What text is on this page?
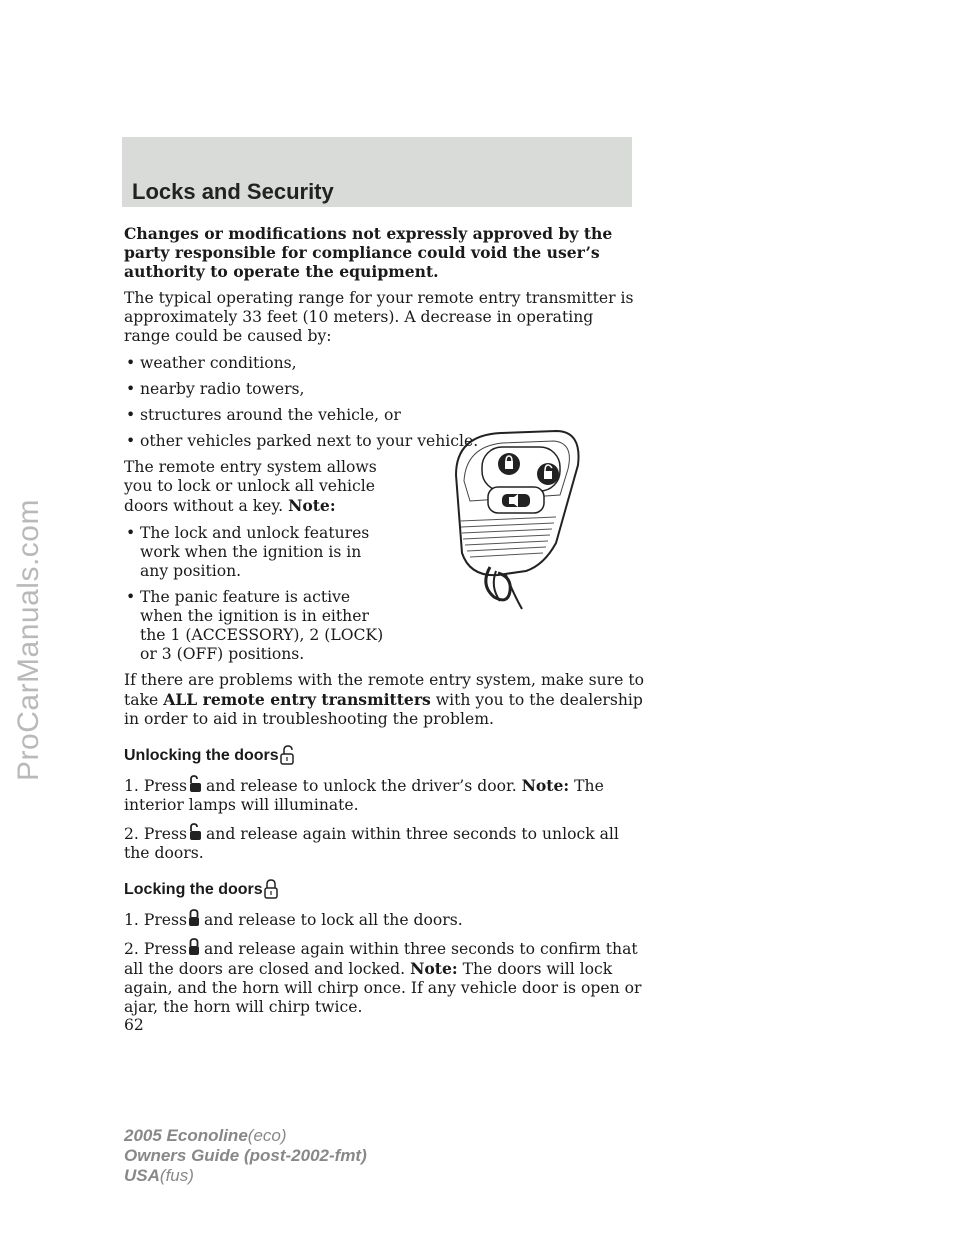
ProCarManuals.com
Locks and Security

Changes or modifications not expressly approved by the party responsible for compliance could void the user’s authority to operate the equipment.

The typical operating range for your remote entry transmitter is approximately 33 feet (10 meters). A decrease in operating range could be caused by:

• weather conditions,
• nearby radio towers,
• structures around the vehicle, or
• other vehicles parked next to your vehicle.

The remote entry system allows you to lock or unlock all vehicle doors without a key. Note:

• The lock and unlock features work when the ignition is in any position.
• The panic feature is active when the ignition is in either the 1 (ACCESSORY), 2 (LOCK) or 3 (OFF) positions.

If there are problems with the remote entry system, make sure to take ALL remote entry transmitters with you to the dealership in order to aid in troubleshooting the problem.

Unlocking the doors

1. Press and release to unlock the driver’s door. Note: The interior lamps will illuminate.

2. Press and release again within three seconds to unlock all the doors.

Locking the doors

1. Press and release to lock all the doors.

2. Press and release again within three seconds to confirm that all the doors are closed and locked. Note: The doors will lock again, and the horn will chirp once. If any vehicle door is open or ajar, the horn will chirp twice.

62
2005 Econoline(eco)
Owners Guide (post-2002-fmt)
USA(fus)
